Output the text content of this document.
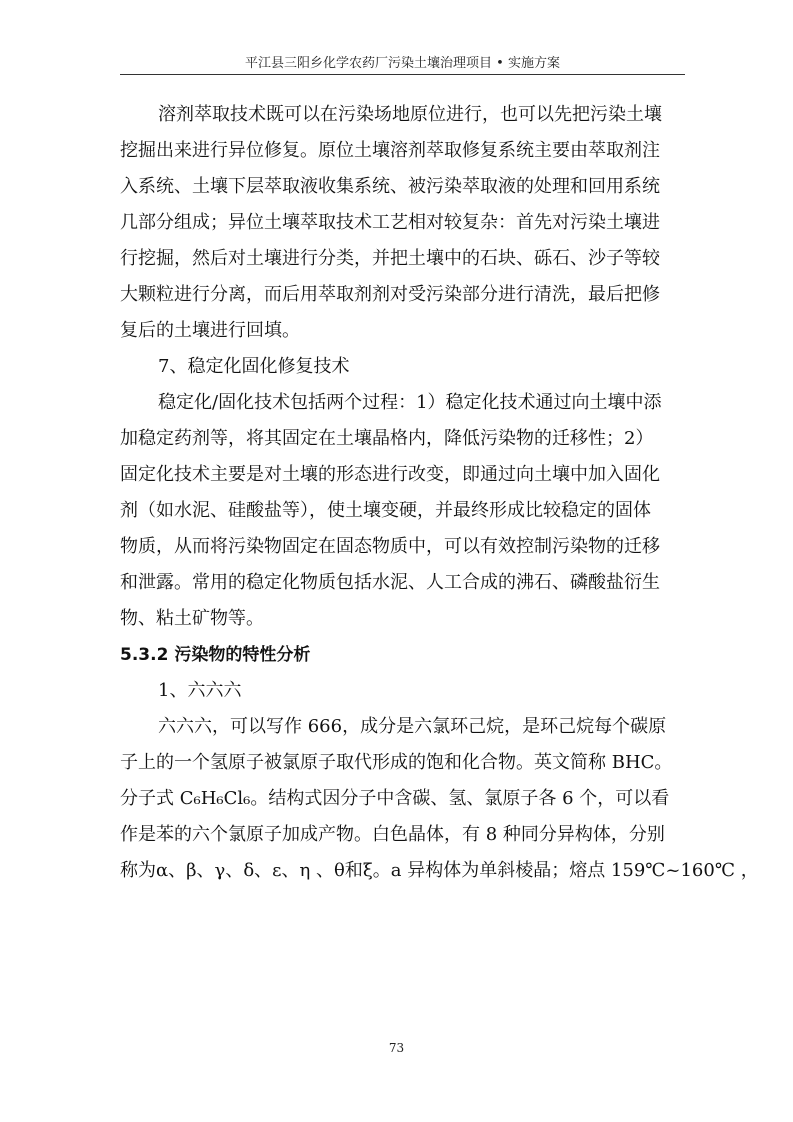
平江县三阳乡化学农药厂污染土壤治理项目 • 实施方案
溶剂萃取技术既可以在污染场地原位进行，也可以先把污染土壤
挖掘出来进行异位修复。原位土壤溶剂萃取修复系统主要由萃取剂注
入系统、土壤下层萃取液收集系统、被污染萃取液的处理和回用系统
几部分组成；异位土壤萃取技术工艺相对较复杂：首先对污染土壤进
行挖掘，然后对土壤进行分类，并把土壤中的石块、砾石、沙子等较
大颗粒进行分离，而后用萃取剂剂对受污染部分进行清洗，最后把修
复后的土壤进行回填。
7、稳定化固化修复技术
稳定化/固化技术包括两个过程：1）稳定化技术通过向土壤中添
加稳定药剂等，将其固定在土壤晶格内，降低污染物的迁移性；2）
固定化技术主要是对土壤的形态进行改变，即通过向土壤中加入固化
剂（如水泥、硅酸盐等），使土壤变硬，并最终形成比较稳定的固体
物质，从而将污染物固定在固态物质中，可以有效控制污染物的迁移
和泄露。常用的稳定化物质包括水泥、人工合成的沸石、磷酸盐衍生
物、粘土矿物等。
5.3.2 污染物的特性分析
1、六六六
六六六，可以写作 666，成分是六氯环己烷，是环己烷每个碳原
子上的一个氢原子被氯原子取代形成的饱和化合物。英文简称 BHC。
分子式 C₆H₆Cl₆。结构式因分子中含碳、氢、氯原子各 6 个，可以看
作是苯的六个氯原子加成产物。白色晶体，有 8 种同分异构体，分别
称为α、β、γ、δ、ε、η 、θ和ξ。a 异构体为单斜棱晶；熔点 159℃~160℃ ，
73
